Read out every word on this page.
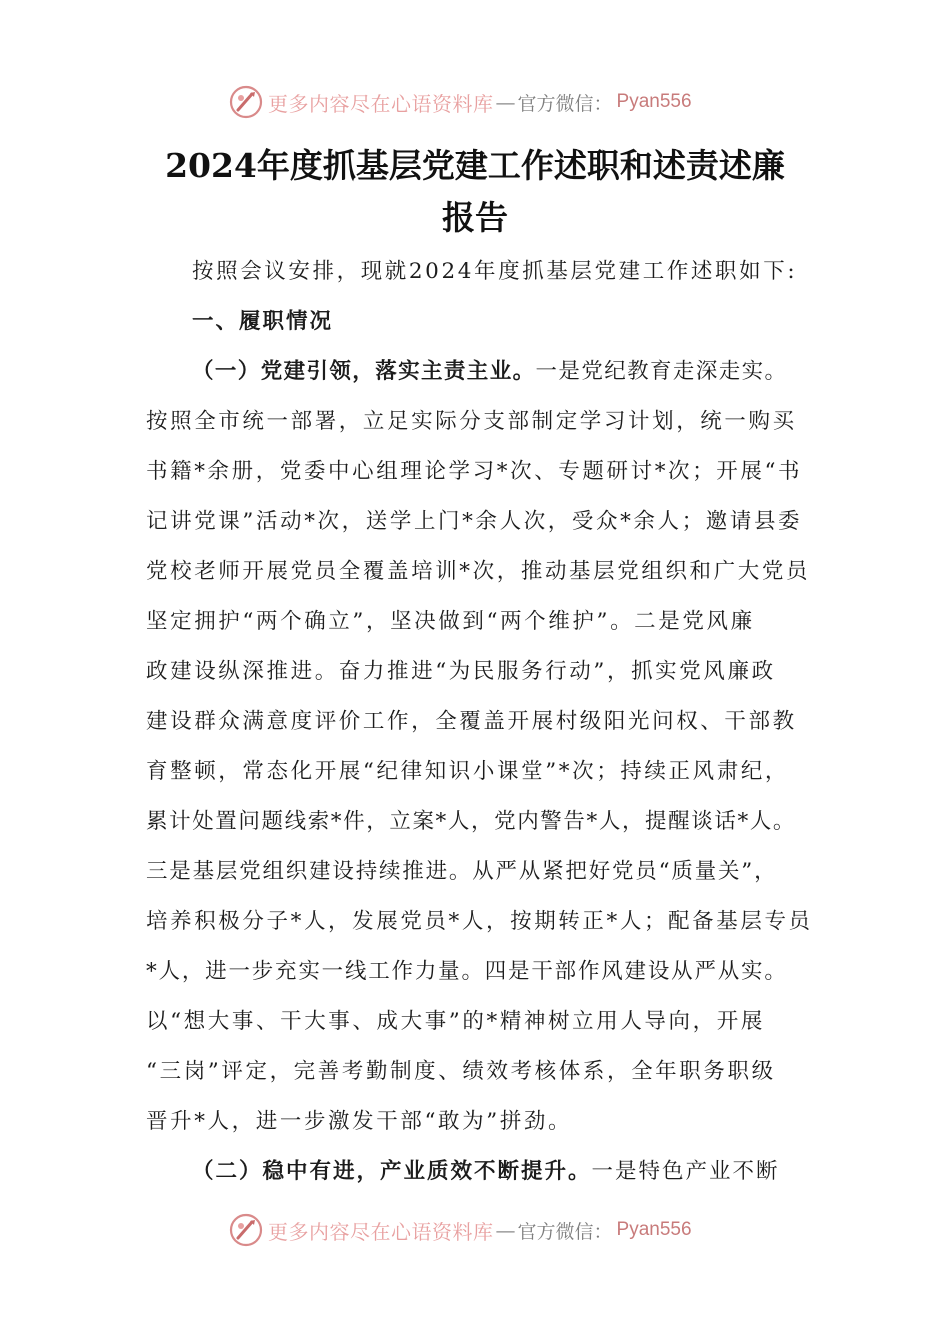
更多内容尽在心语资料库 — 官方微信： Pyan556
2024年度抓基层党建工作述职和述责述廉
报告
按照会议安排，现就2024年度抓基层党建工作述职如下:
一、履职情况
（一）党建引领，落实主责主业。一是党纪教育走深走实。
按照全市统一部署，立足实际分支部制定学习计划，统一购买
书籍*余册，党委中心组理论学习*次、专题研讨*次；开展“书
记讲党课”活动*次，送学上门*余人次，受众*余人；邀请县委
党校老师开展党员全覆盖培训*次，推动基层党组织和广大党员
坚定拥护“两个确立”，坚决做到“两个维护”。二是党风廉
政建设纵深推进。奋力推进“为民服务行动”，抓实党风廉政
建设群众满意度评价工作，全覆盖开展村级阳光问权、干部教
育整顿，常态化开展“纪律知识小课堂”*次；持续正风肃纪，
累计处置问题线索*件，立案*人，党内警告*人，提醒谈话*人。
三是基层党组织建设持续推进。从严从紧把好党员“质量关”，
培养积极分子*人，发展党员*人，按期转正*人；配备基层专员
*人，进一步充实一线工作力量。四是干部作风建设从严从实。
以“想大事、干大事、成大事”的*精神树立用人导向，开展
“三岗”评定，完善考勤制度、绩效考核体系，全年职务职级
晋升*人，进一步激发干部“敢为”拼劲。
（二）稳中有进，产业质效不断提升。一是特色产业不断
更多内容尽在心语资料库 — 官方微信： Pyan556
